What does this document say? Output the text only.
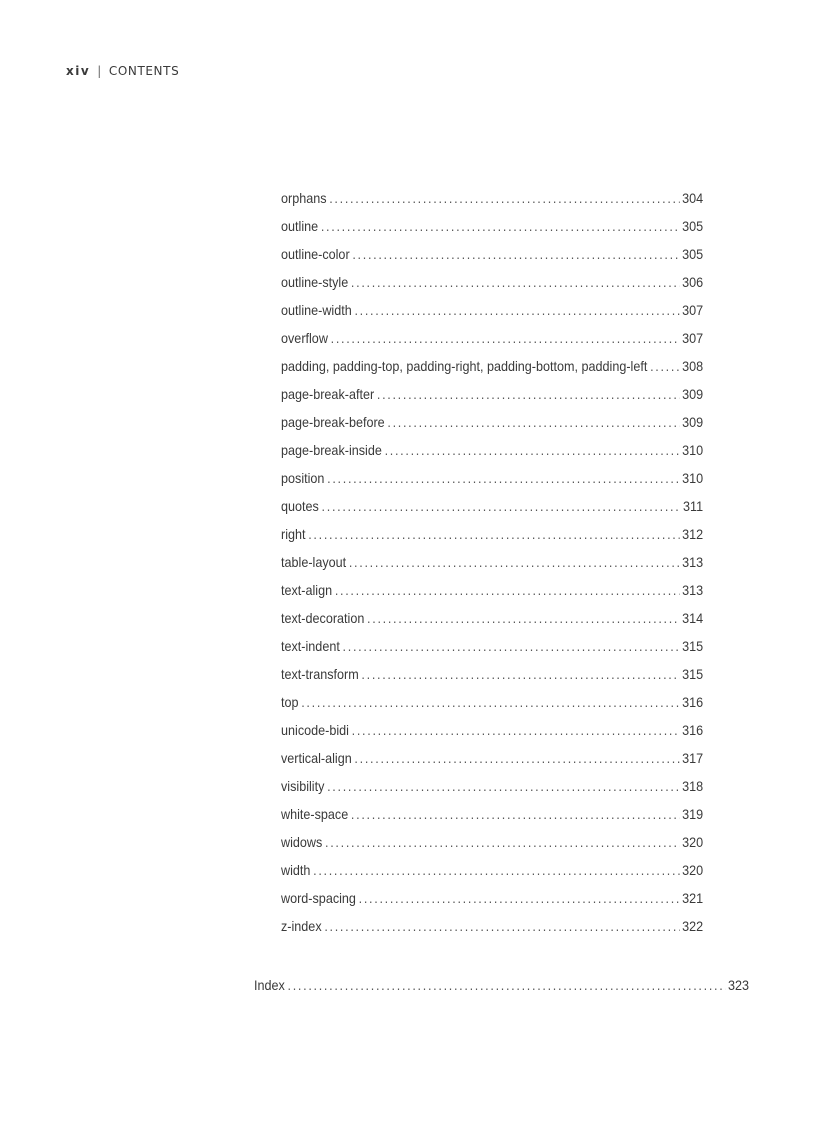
xiv | CONTENTS
orphans . . .	304
outline . . .	305
outline-color . . .	305
outline-style . . .	306
outline-width . . .	307
overflow . . .	307
padding, padding-top, padding-right, padding-bottom, padding-left . . . 308
page-break-after . . .	309
page-break-before . . .	309
page-break-inside . . .	310
position . . .	310
quotes . . .	311
right . . .	312
table-layout . . .	313
text-align . . .	313
text-decoration . . .	314
text-indent . . .	315
text-transform . . .	315
top . . .	316
unicode-bidi . . .	316
vertical-align . . .	317
visibility . . .	318
white-space . . .	319
widows . . .	320
width . . .	320
word-spacing . . .	321
z-index . . .	322
Index . . .	323
